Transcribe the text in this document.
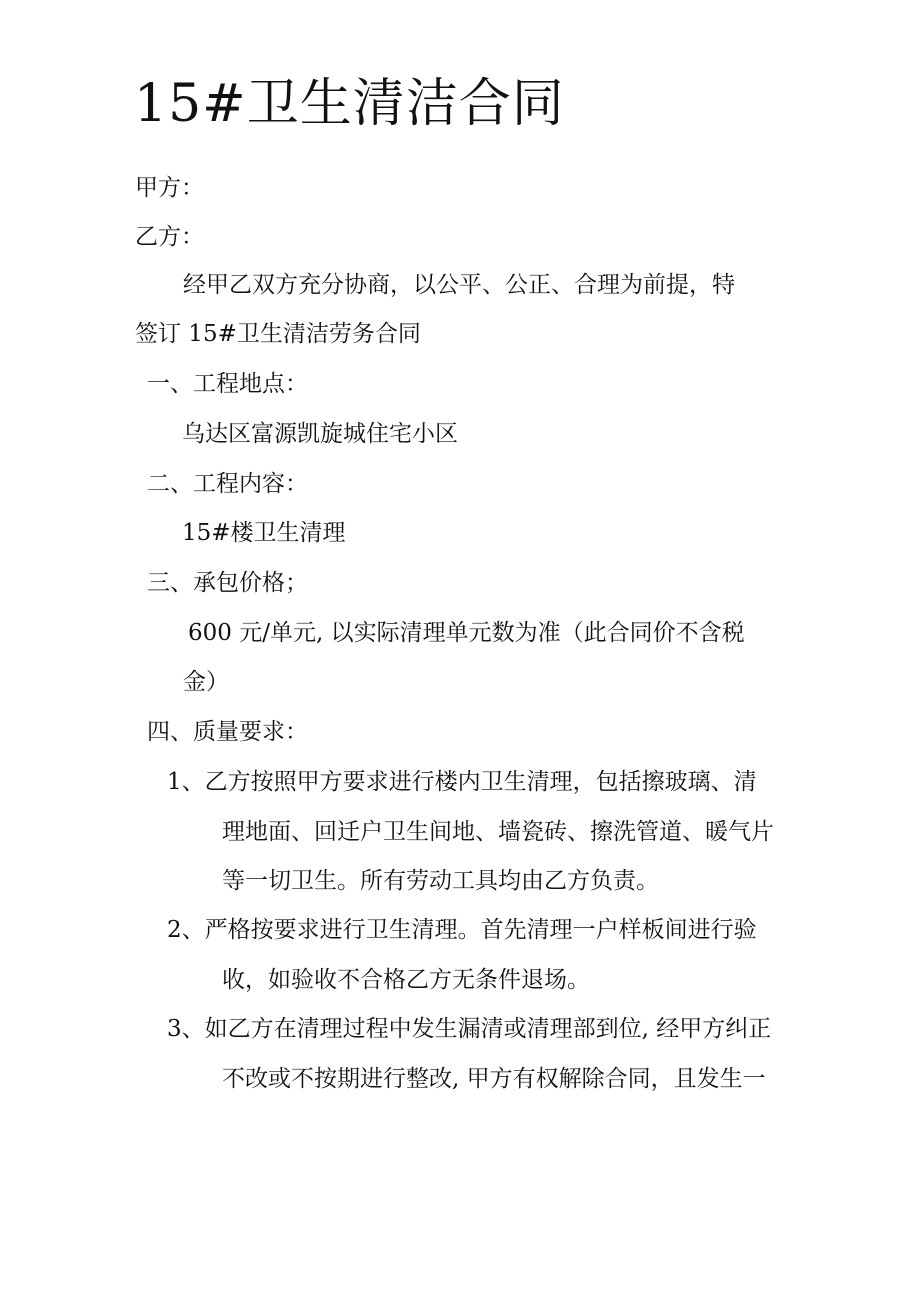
15#卫生清洁合同
甲方：
乙方：
经甲乙双方充分协商，以公平、公正、合理为前提，特
签订 15#卫生清洁劳务合同
一、工程地点：
乌达区富源凯旋城住宅小区
二、工程内容：
15#楼卫生清理
三、承包价格；
600 元/单元, 以实际清理单元数为准（此合同价不含税
金）
四、质量要求：
1、乙方按照甲方要求进行楼内卫生清理，包括擦玻璃、清
理地面、回迁户卫生间地、墙瓷砖、擦洗管道、暖气片
等一切卫生。所有劳动工具均由乙方负责。
2、严格按要求进行卫生清理。首先清理一户样板间进行验
收，如验收不合格乙方无条件退场。
3、如乙方在清理过程中发生漏清或清理部到位, 经甲方纠正
不改或不按期进行整改, 甲方有权解除合同，且发生一
